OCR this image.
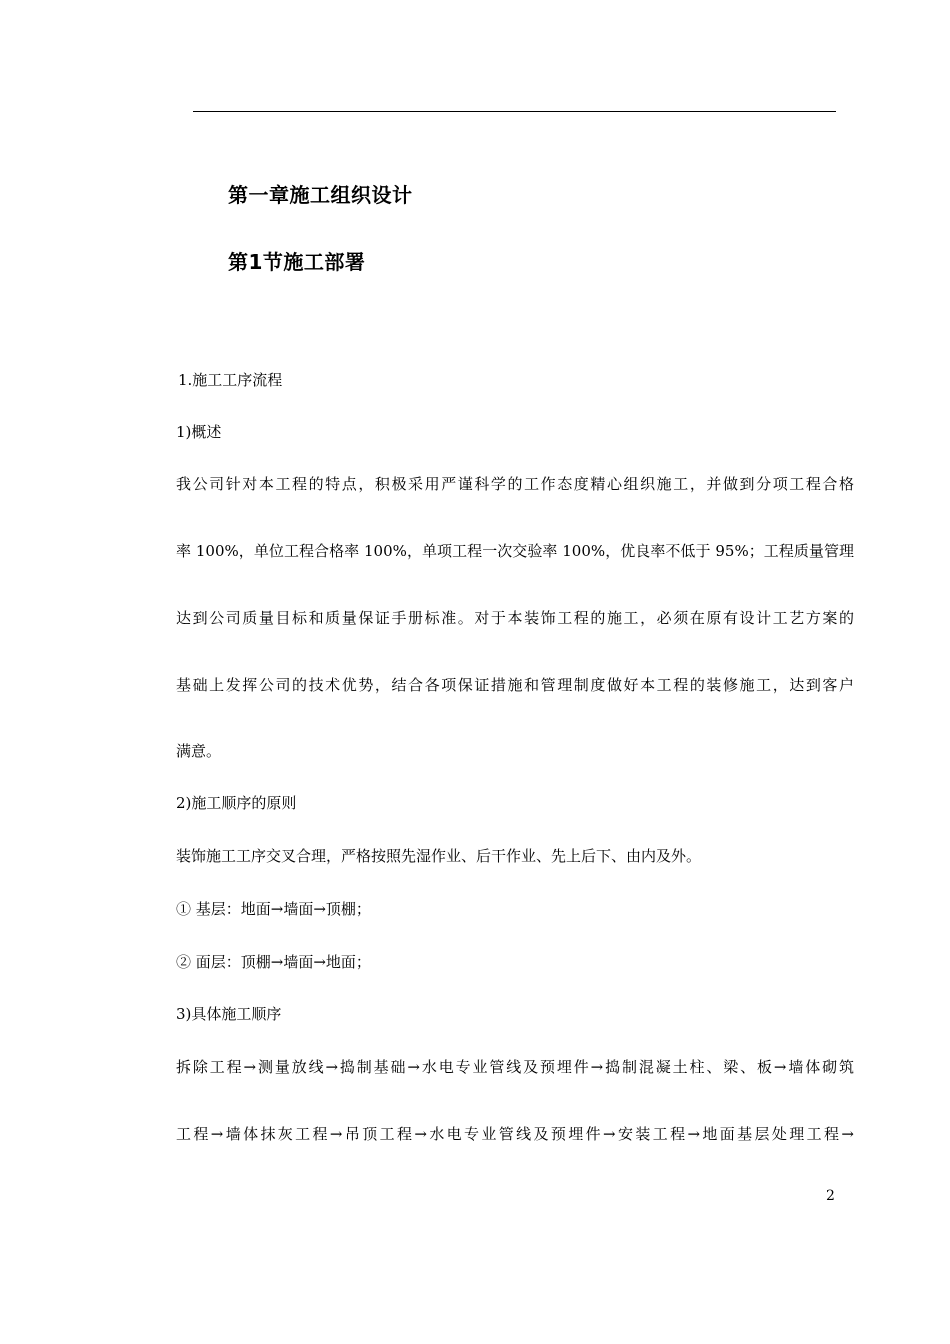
第一章施工组织设计
第1节施工部署
1.施工工序流程
1)概述
我公司针对本工程的特点，积极采用严谨科学的工作态度精心组织施工，并做到分项工程合格
率 100%，单位工程合格率 100%，单项工程一次交验率 100%，优良率不低于 95%；工程质量管理
达到公司质量目标和质量保证手册标准。对于本装饰工程的施工，必须在原有设计工艺方案的
基础上发挥公司的技术优势，结合各项保证措施和管理制度做好本工程的装修施工，达到客户
满意。
2)施工顺序的原则
装饰施工工序交叉合理，严格按照先湿作业、后干作业、先上后下、由内及外。
① 基层：地面→墙面→顶棚；
② 面层：顶棚→墙面→地面；
3)具体施工顺序
拆除工程→测量放线→捣制基础→水电专业管线及预埋件→捣制混凝土柱、梁、板→墙体砌筑
工程→墙体抹灰工程→吊顶工程→水电专业管线及预埋件→安装工程→地面基层处理工程→
2
